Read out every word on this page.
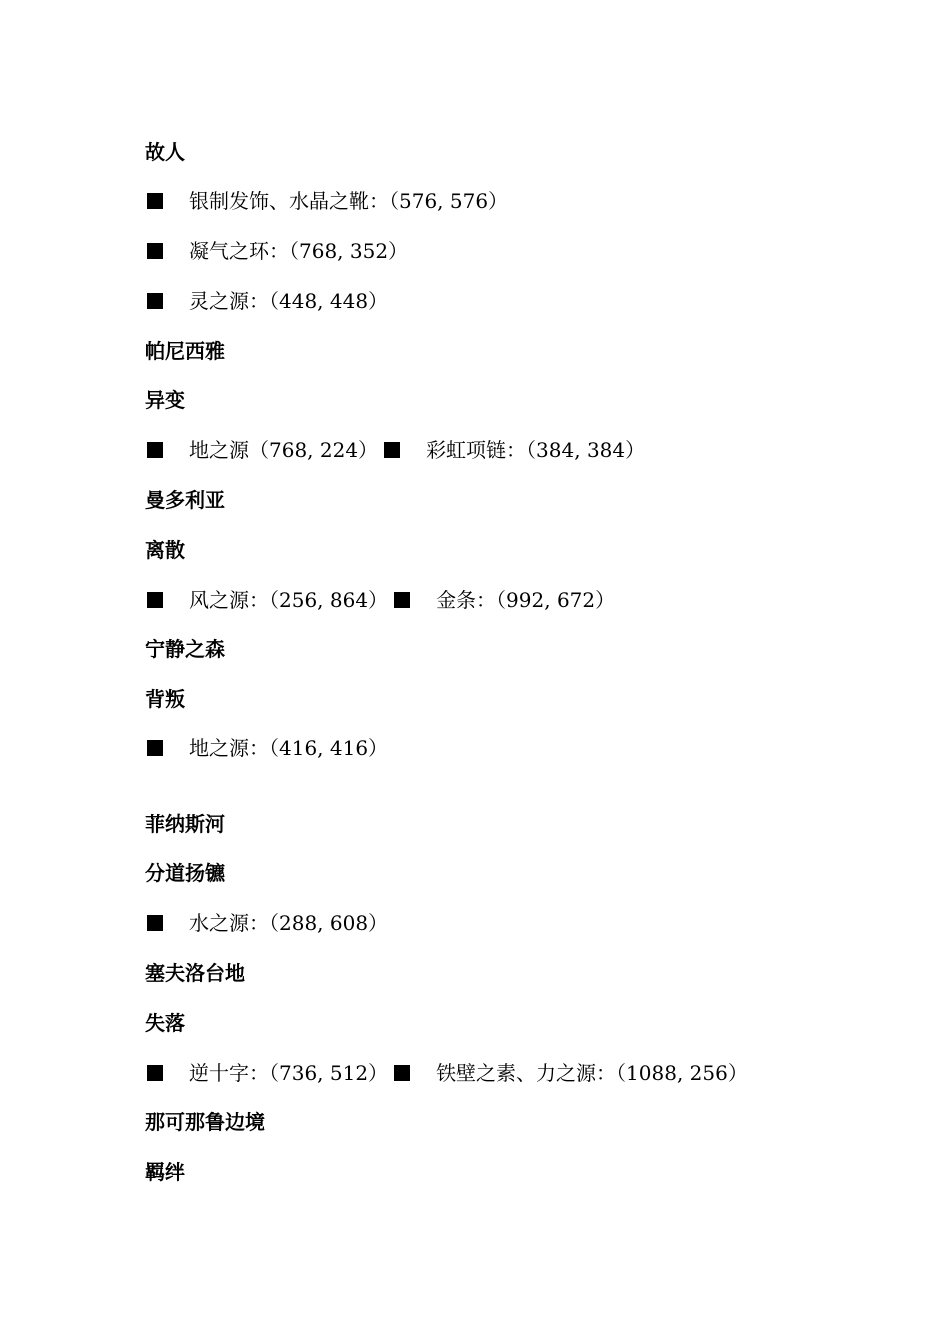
故人
银制发饰、水晶之靴：（576, 576）
凝气之环：（768, 352）
灵之源：（448, 448）
帕尼西雅
异变
地之源（768, 224） 彩虹项链：（384, 384）
曼多利亚
离散
风之源：（256, 864） 金条：（992, 672）
宁静之森
背叛
地之源：（416, 416）
菲纳斯河
分道扬镳
水之源：（288, 608）
塞夫洛台地
失落
逆十字：（736, 512） 铁壁之素、力之源：（1088, 256）
那可那鲁边境
羁绊
